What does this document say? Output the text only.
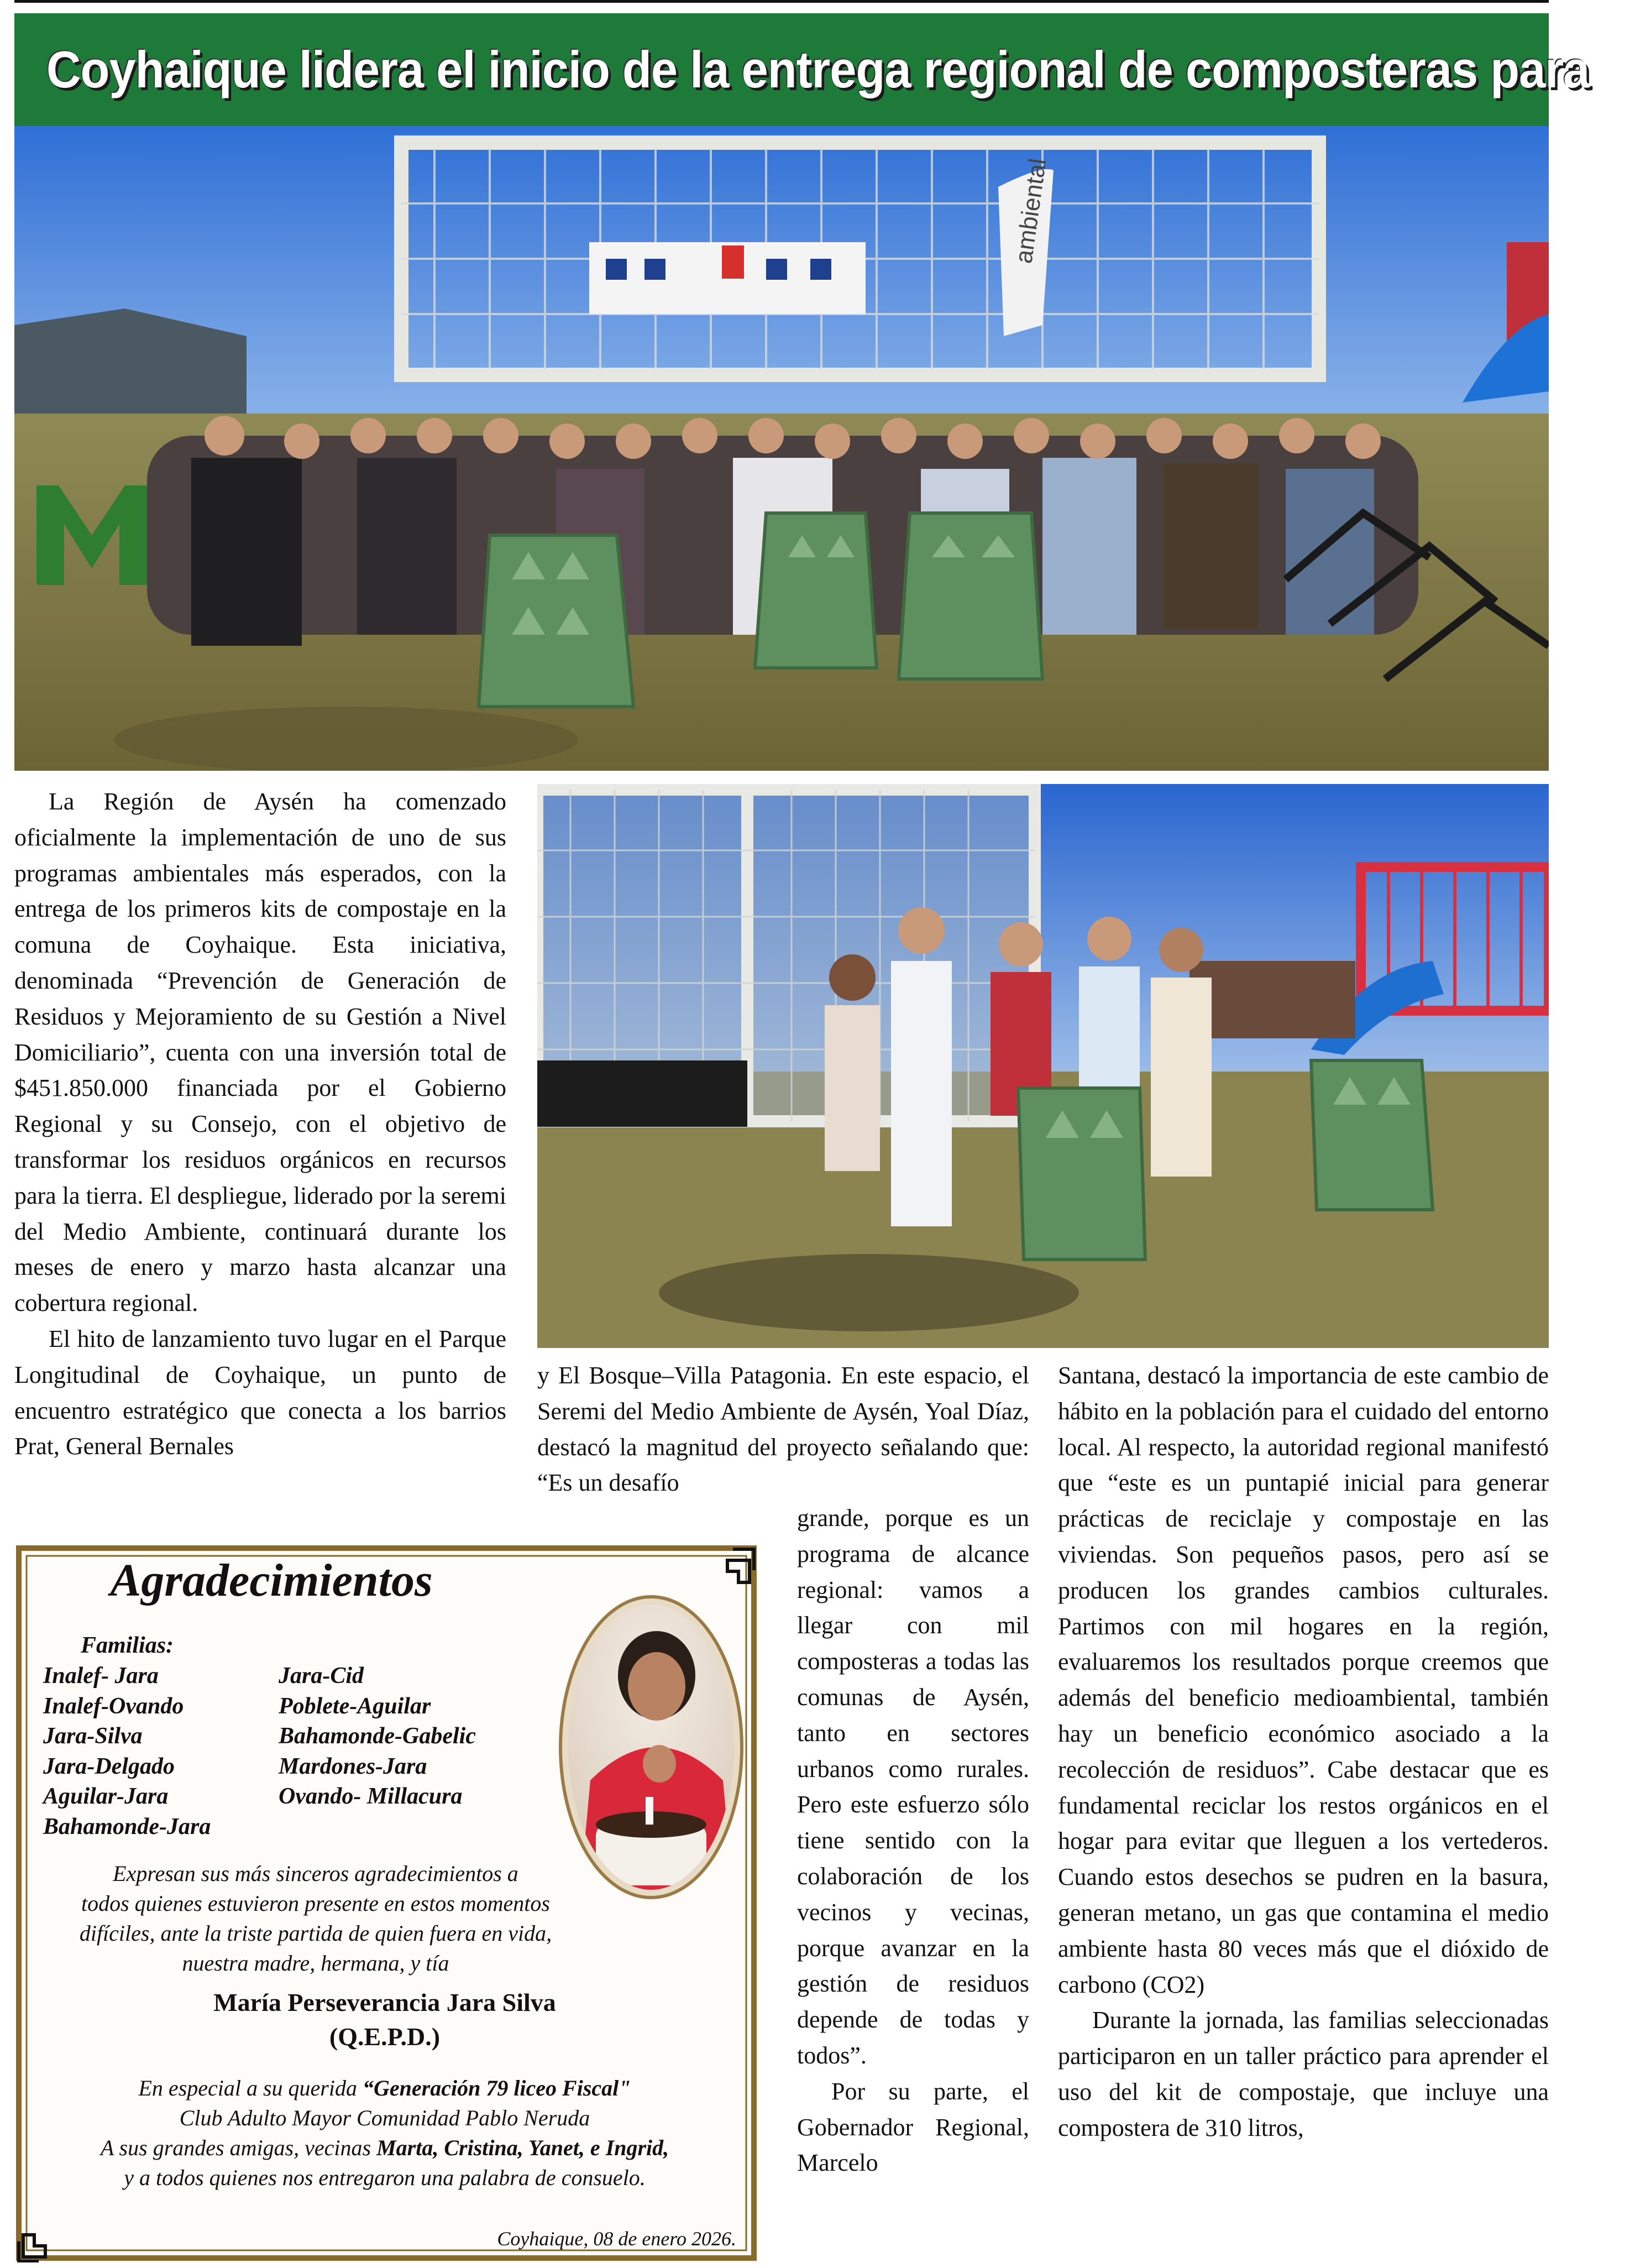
Coyhaique lidera el inicio de la entrega regional de composteras para
ambiental

La Región de Aysén ha comenzado oficialmente la implementación de uno de sus programas ambientales más esperados, con la entrega de los primeros kits de compostaje en la comuna de Coyhaique. Esta iniciativa, denominada “Prevención de Generación de Residuos y Mejoramiento de su Gestión a Nivel Domiciliario”, cuenta con una inversión total de $451.850.000 financiada por el Gobierno Regional y su Consejo, con el objetivo de transformar los residuos orgánicos en recursos para la tierra. El despliegue, liderado por la seremi del Medio Ambiente, continuará durante los meses de enero y marzo hasta alcanzar una cobertura regional.

El hito de lanzamiento tuvo lugar en el Parque Longitudinal de Coyhaique, un punto de encuentro estratégico que conecta a los barrios Prat, General Bernales

y El Bosque–Villa Patagonia. En este espacio, el Seremi del Medio Ambiente de Aysén, Yoal Díaz, destacó la magnitud del proyecto señalando que: “Es un desafío

grande, porque es un programa de alcance regional: vamos a llegar con mil composteras a todas las comunas de Aysén, tanto en sectores urbanos como rurales. Pero este esfuerzo sólo tiene sentido con la colaboración de los vecinos y vecinas, porque avanzar en la gestión de residuos depende de todas y todos”.

Por su parte, el Gobernador Regional, Marcelo

Santana, destacó la importancia de este cambio de hábito en la población para el cuidado del entorno local. Al respecto, la autoridad regional manifestó que “este es un puntapié inicial para generar prácticas de reciclaje y compostaje en las viviendas. Son pequeños pasos, pero así se producen los grandes cambios culturales. Partimos con mil hogares en la región, evaluaremos los resultados porque creemos que además del beneficio medioambiental, también hay un beneficio económico asociado a la recolección de residuos”. Cabe destacar que es fundamental reciclar los restos orgánicos en el hogar para evitar que lleguen a los vertederos. Cuando estos desechos se pudren en la basura, generan metano, un gas que contamina el medio ambiente hasta 80 veces más que el dióxido de carbono (CO2)

Durante la jornada, las familias seleccionadas participaron en un taller práctico para aprender el uso del kit de compostaje, que incluye una compostera de 310 litros,

Agradecimientos
Familias:
Inalef- Jara
Inalef-Ovando
Jara-Silva
Jara-Delgado
Aguilar-Jara
Bahamonde-Jara
Jara-Cid
Poblete-Aguilar
Bahamonde-Gabelic
Mardones-Jara
Ovando- Millacura
Expresan sus más sinceros agradecimientos a
todos quienes estuvieron presente en estos momentos
difíciles, ante la triste partida de quien fuera en vida,
nuestra madre, hermana, y tía
María Perseverancia Jara Silva
(Q.E.P.D.)
En especial a su querida “Generación 79 liceo Fiscal"
Club Adulto Mayor Comunidad Pablo Neruda
A sus grandes amigas, vecinas Marta, Cristina, Yanet, e Ingrid,
y a todos quienes nos entregaron una palabra de consuelo.
Coyhaique, 08 de enero 2026.
